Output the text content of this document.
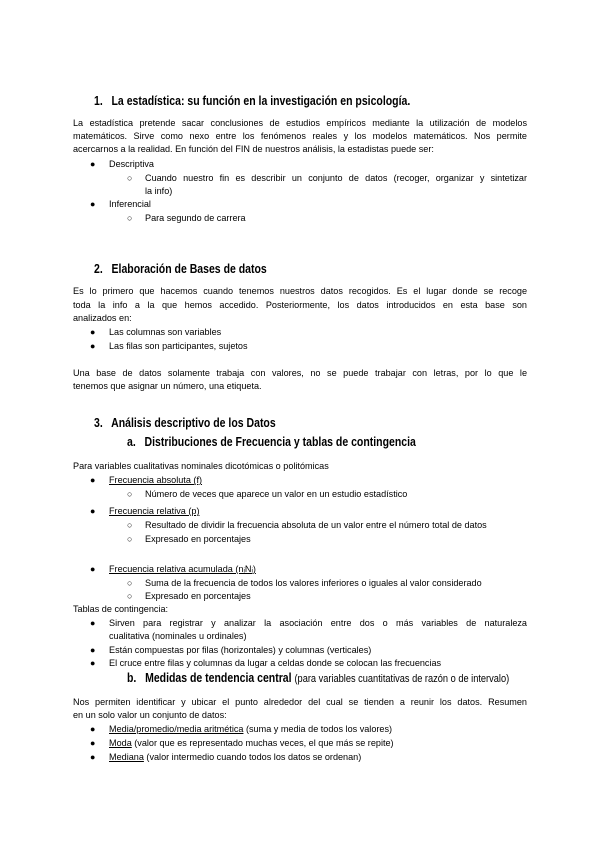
1. La estadística: su función en la investigación en psicología.
La estadística pretende sacar conclusiones de estudios empíricos mediante la utilización de modelos
matemáticos. Sirve como nexo entre los fenómenos reales y los modelos matemáticos. Nos permite
acercarnos a la realidad. En función del FIN de nuestros análisis, la estadistas puede ser:
● Descriptiva
○ Cuando nuestro fin es describir un conjunto de datos (recoger, organizar y sintetizar
la info)
● Inferencial
○ Para segundo de carrera
2. Elaboración de Bases de datos
Es lo primero que hacemos cuando tenemos nuestros datos recogidos. Es el lugar donde se recoge
toda la info a la que hemos accedido. Posteriormente, los datos introducidos en esta base son
analizados en:
● Las columnas son variables
● Las filas son participantes, sujetos
Una base de datos solamente trabaja con valores, no se puede trabajar con letras, por lo que le
tenemos que asignar un número, una etiqueta.
3. Análisis descriptivo de los Datos
a. Distribuciones de Frecuencia y tablas de contingencia
Para variables cualitativas nominales dicotómicas o politómicas
● Frecuencia absoluta (f)
○ Número de veces que aparece un valor en un estudio estadístico
● Frecuencia relativa (p)
○ Resultado de dividir la frecuencia absoluta de un valor entre el número total de datos
○ Expresado en porcentajes
● Frecuencia relativa acumulada (nᵢNᵢ)
○ Suma de la frecuencia de todos los valores inferiores o iguales al valor considerado
○ Expresado en porcentajes
Tablas de contingencia:
● Sirven para registrar y analizar la asociación entre dos o más variables de naturaleza
cualitativa (nominales u ordinales)
● Están compuestas por filas (horizontales) y columnas (verticales)
● El cruce entre filas y columnas da lugar a celdas donde se colocan las frecuencias
b. Medidas de tendencia central (para variables cuantitativas de razón o de intervalo)
Nos permiten identificar y ubicar el punto alrededor del cual se tienden a reunir los datos. Resumen
en un solo valor un conjunto de datos:
● Media/promedio/media aritmética (suma y media de todos los valores)
● Moda (valor que es representado muchas veces, el que más se repite)
● Mediana (valor intermedio cuando todos los datos se ordenan)
